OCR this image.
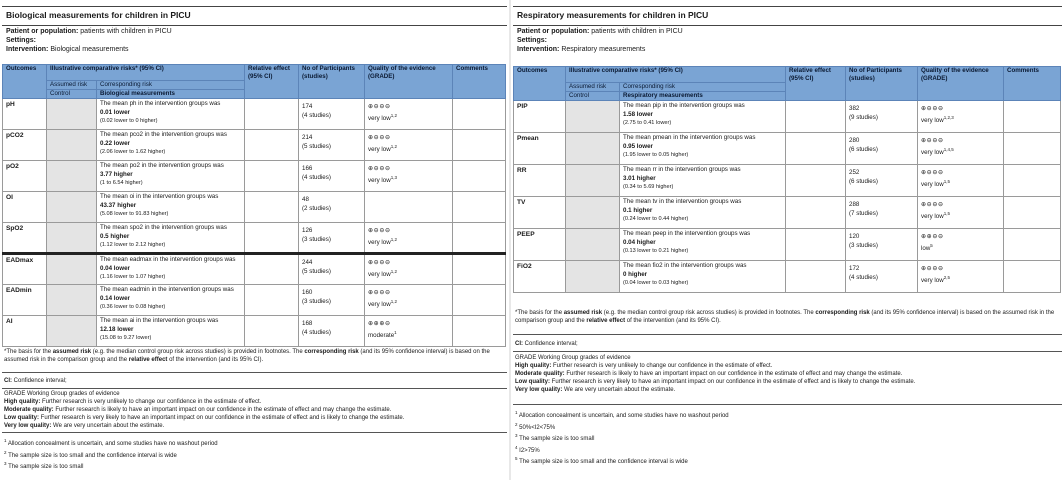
Biological measurements for children in PICU
Patient or population: patients with children in PICU
Settings:
Intervention: Biological measurements
Outcomes	Illustrative comparative risks* (95% CI)		Relative effect (95% CI)	No of Participants (studies)	Quality of the evidence (GRADE)	Comments
	Assumed risk	Corresponding risk				
	Control	Biological measurements				
pH		The mean ph in the intervention groups was
0.01 lower
(0.02 lower to 0 higher)		174
(4 studies)	⊕⊖⊖⊖
very low$^{1,2}$

pCO2		The mean pco2 in the intervention groups was
0.22 lower
(2.06 lower to 1.62 higher)		214
(5 studies)	⊕⊖⊖⊖
very low$^{1,2}$

pO2		The mean po2 in the intervention groups was
3.77 higher
(1 to 6.54 higher)		166
(4 studies)	⊕⊖⊖⊖
very low$^{1,3}$

OI		The mean oi in the intervention groups was
43.37 higher
(5.08 lower to 91.83 higher)		48
(2 studies)		

SpO2		The mean spo2 in the intervention groups was
0.5 higher
(1.12 lower to 2.12 higher)		126
(3 studies)	⊕⊖⊖⊖
very low$^{1,2}$

EADmax		The mean eadmax in the intervention groups was
0.04 lower
(1.16 lower to 1.07 higher)		244
(5 studies)	⊕⊖⊖⊖
very low$^{1,2}$

EADmin		The mean eadmin in the intervention groups was
0.14 lower
(0.36 lower to 0.08 higher)		160
(3 studies)	⊕⊖⊖⊖
very low$^{1,2}$

AI		The mean ai in the intervention groups was
12.18 lower
(15.08 to 9.27 lower)		168
(4 studies)	⊕⊕⊕⊖
moderate$^1$

*The basis for the assumed risk (e.g. the median control group risk across studies) is provided in footnotes. The corresponding risk (and its 95% confidence interval) is based on the assumed risk in the comparison group and the relative effect of the intervention (and its 95% CI).
CI: Confidence interval;
GRADE Working Group grades of evidence
High quality: Further research is very unlikely to change our confidence in the estimate of effect.
Moderate quality: Further research is likely to have an important impact on our confidence in the estimate of effect and may change the estimate.
Low quality: Further research is very likely to have an important impact on our confidence in the estimate of effect and is likely to change the estimate.
Very low quality: We are very uncertain about the estimate.
$^1$ Allocation concealment is uncertain, and some studies have no washout period
$^2$ The sample size is too small and the confidence interval is wide
$^3$ The sample size is too small
Respiratory measurements for children in PICU
Patient or population: patients with children in PICU
Settings:
Intervention: Respiratory measurements
Outcomes	Illustrative comparative risks* (95% CI)		Relative effect (95% CI)	No of Participants (studies)	Quality of the evidence (GRADE)	Comments
	Assumed risk	Corresponding risk				
	Control	Respiratory measurements				
PIP		The mean pip in the intervention groups was
1.58 lower
(2.75 to 0.41 lower)		382
(9 studies)	⊕⊖⊖⊖
very low$^{1,2,3}$

Pmean		The mean pmean in the intervention groups was
0.95 lower
(1.95 lower to 0.05 higher)		280
(6 studies)	⊕⊖⊖⊖
very low$^{1,4,5}$

RR		The mean rr in the intervention groups was
3.01 higher
(0.34 to 5.69 higher)		252
(6 studies)	⊕⊖⊖⊖
very low$^{1,5}$

TV		The mean tv in the intervention groups was
0.1 higher
(0.24 lower to 0.44 higher)		288
(7 studies)	⊕⊖⊖⊖
very low$^{1,5}$

PEEP		The mean peep in the intervention groups was
0.04 higher
(0.13 lower to 0.21 higher)		120
(3 studies)	⊕⊕⊖⊖
low$^5$

FiO2		The mean fio2 in the intervention groups was
0 higher
(0.04 lower to 0.03 higher)		172
(4 studies)	⊕⊖⊖⊖
very low$^{2,5}$

*The basis for the assumed risk (e.g. the median control group risk across studies) is provided in footnotes. The corresponding risk (and its 95% confidence interval) is based on the assumed risk in the comparison group and the relative effect of the intervention (and its 95% CI).
CI: Confidence interval;
GRADE Working Group grades of evidence
High quality: Further research is very unlikely to change our confidence in the estimate of effect.
Moderate quality: Further research is likely to have an important impact on our confidence in the estimate of effect and may change the estimate.
Low quality: Further research is very likely to have an important impact on our confidence in the estimate of effect and is likely to change the estimate.
Very low quality: We are very uncertain about the estimate.
$^1$ Allocation concealment is uncertain, and some studies have no washout period
$^2$ 50%<I2<75%
$^3$ The sample size is too small
$^4$ I2>75%
$^5$ The sample size is too small and the confidence interval is wide
